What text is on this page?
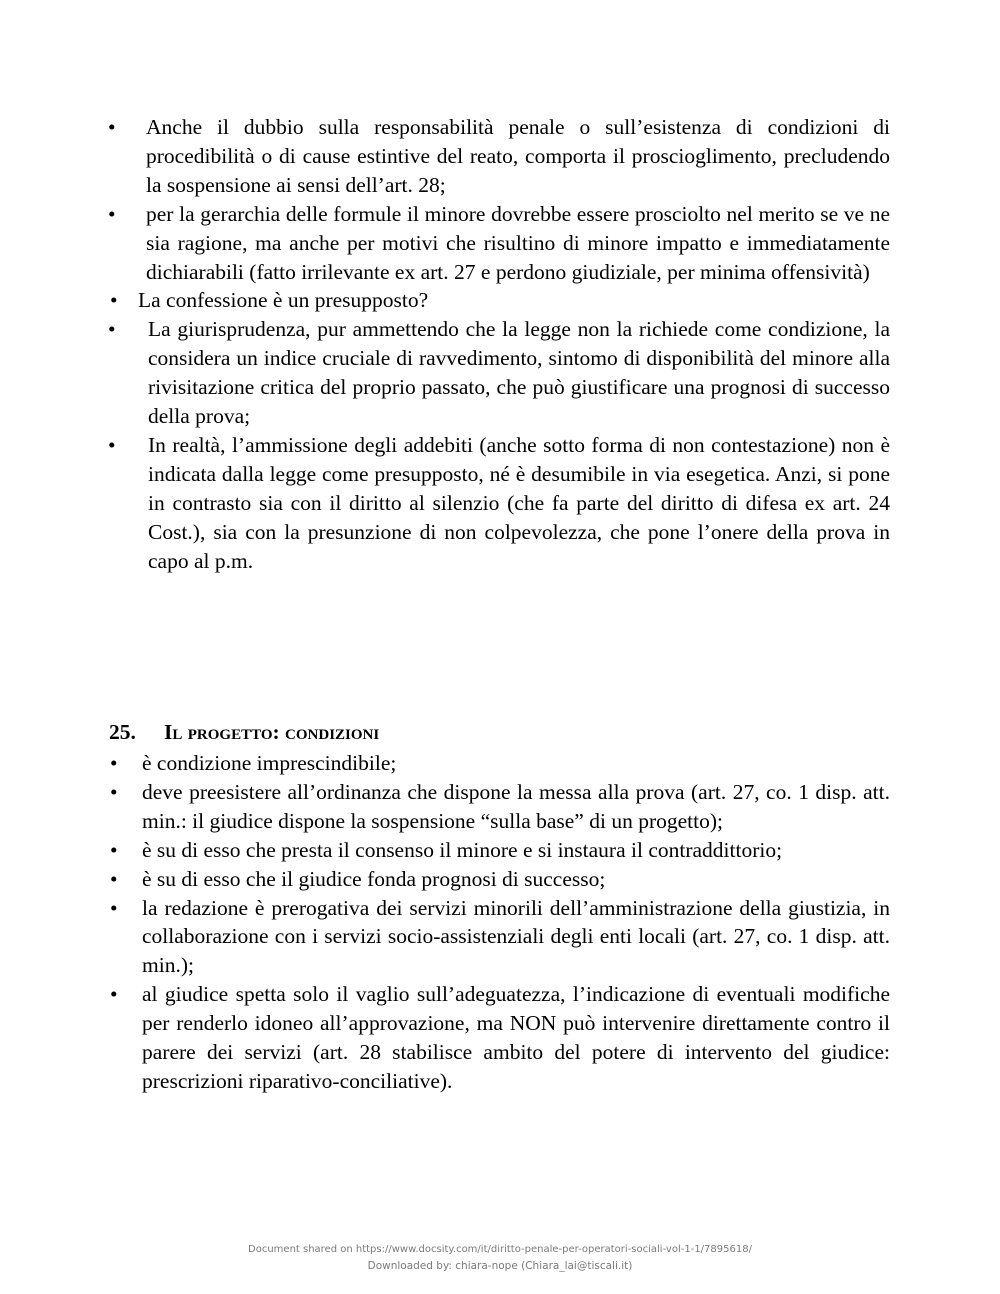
• Anche il dubbio sulla responsabilità penale o sull’esistenza di condizioni di procedibilità o di cause estintive del reato, comporta il proscioglimento, precludendo la sospensione ai sensi dell’art. 28;
• per la gerarchia delle formule il minore dovrebbe essere prosciolto nel merito se ve ne sia ragione, ma anche per motivi che risultino di minore impatto e immediatamente dichiarabili (fatto irrilevante ex art. 27 e perdono giudiziale, per minima offensività)
• La confessione è un presupposto?
• La giurisprudenza, pur ammettendo che la legge non la richiede come condizione, la considera un indice cruciale di ravvedimento, sintomo di disponibilità del minore alla rivisitazione critica del proprio passato, che può giustificare una prognosi di successo della prova;
• In realtà, l’ammissione degli addebiti (anche sotto forma di non contestazione) non è indicata dalla legge come presupposto, né è desumibile in via esegetica. Anzi, si pone in contrasto sia con il diritto al silenzio (che fa parte del diritto di difesa ex art. 24 Cost.), sia con la presunzione di non colpevolezza, che pone l’onere della prova in capo al p.m.
25. Il progetto: condizioni
• è condizione imprescindibile;
• deve preesistere all’ordinanza che dispone la messa alla prova (art. 27, co. 1 disp. att. min.: il giudice dispone la sospensione “sulla base” di un progetto);
• è su di esso che presta il consenso il minore e si instaura il contraddittorio;
• è su di esso che il giudice fonda prognosi di successo;
• la redazione è prerogativa dei servizi minorili dell’amministrazione della giustizia, in collaborazione con i servizi socio-assistenziali degli enti locali (art. 27, co. 1 disp. att. min.);
• al giudice spetta solo il vaglio sull’adeguatezza, l’indicazione di eventuali modifiche per renderlo idoneo all’approvazione, ma NON può intervenire direttamente contro il parere dei servizi (art. 28 stabilisce ambito del potere di intervento del giudice: prescrizioni riparativo-conciliative).
Document shared on https://www.docsity.com/it/diritto-penale-per-operatori-sociali-vol-1-1/7895618/
Downloaded by: chiara-nope (Chiara_lai@tiscali.it)
